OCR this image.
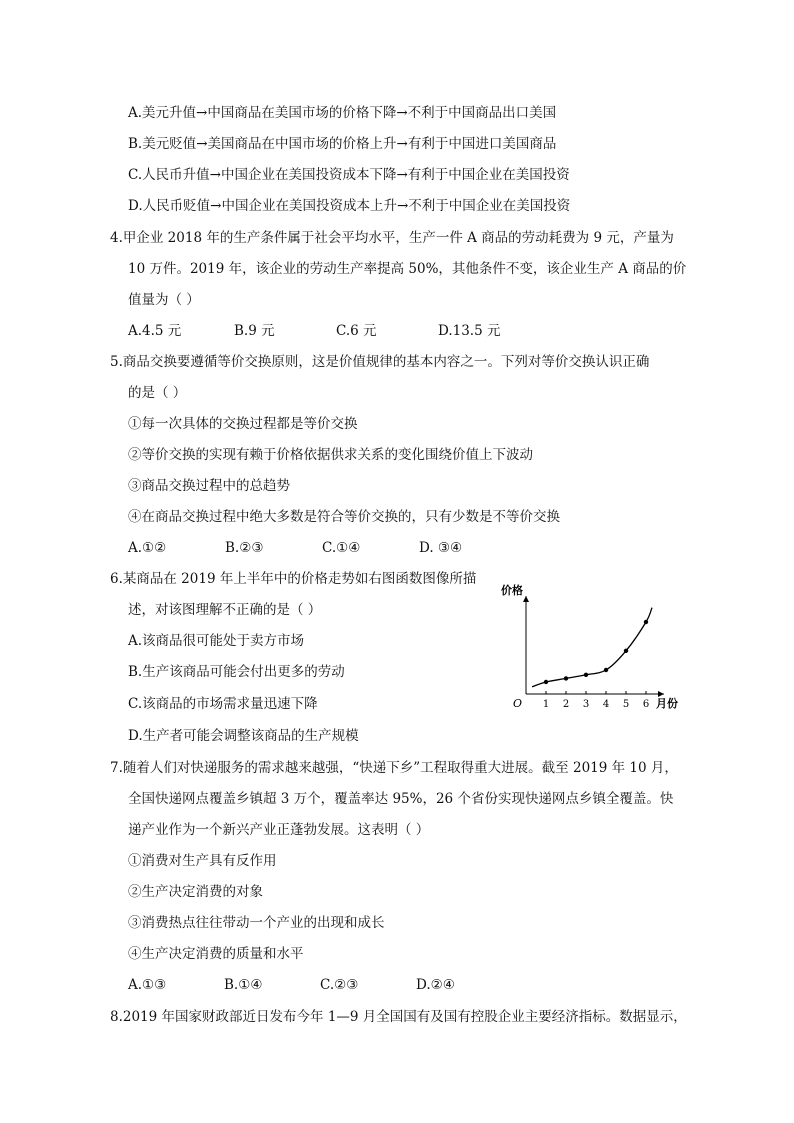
A.美元升值→中国商品在美国市场的价格下降→不利于中国商品出口美国
B.美元贬值→美国商品在中国市场的价格上升→有利于中国进口美国商品
C.人民币升值→中国企业在美国投资成本下降→有利于中国企业在美国投资
D.人民币贬值→中国企业在美国投资成本上升→不利于中国企业在美国投资
4.甲企业 2018 年的生产条件属于社会平均水平，生产一件 A 商品的劳动耗费为 9 元，产量为
10 万件。2019 年，该企业的劳动生产率提高 50%，其他条件不变，该企业生产 A 商品的价
值量为（ ）
A.4.5 元	B.9 元	C.6 元	D.13.5 元
5.商品交换要遵循等价交换原则，这是价值规律的基本内容之一。下列对等价交换认识正确
的是（ ）
①每一次具体的交换过程都是等价交换
②等价交换的实现有赖于价格依据供求关系的变化围绕价值上下波动
③商品交换过程中的总趋势
④在商品交换过程中绝大多数是符合等价交换的，只有少数是不等价交换
A.①②	B.②③	C.①④	D. ③④
6.某商品在 2019 年上半年中的价格走势如右图函数图像所描
述，对该图理解不正确的是（ ）
A.该商品很可能处于卖方市场
B.生产该商品可能会付出更多的劳动
C.该商品的市场需求量迅速下降
D.生产者可能会调整该商品的生产规模
1 2 3 4 5 6
O
价格
月份
7.随着人们对快递服务的需求越来越强，“快递下乡”工程取得重大进展。截至 2019 年 10 月，
全国快递网点覆盖乡镇超 3 万个，覆盖率达 95%，26 个省份实现快递网点乡镇全覆盖。快
递产业作为一个新兴产业正蓬勃发展。这表明（ ）
①消费对生产具有反作用
②生产决定消费的对象
③消费热点往往带动一个产业的出现和成长
④生产决定消费的质量和水平
A.①③	B.①④	C.②③	D.②④
8.2019 年国家财政部近日发布今年 1—9 月全国国有及国有控股企业主要经济指标。数据显示，
